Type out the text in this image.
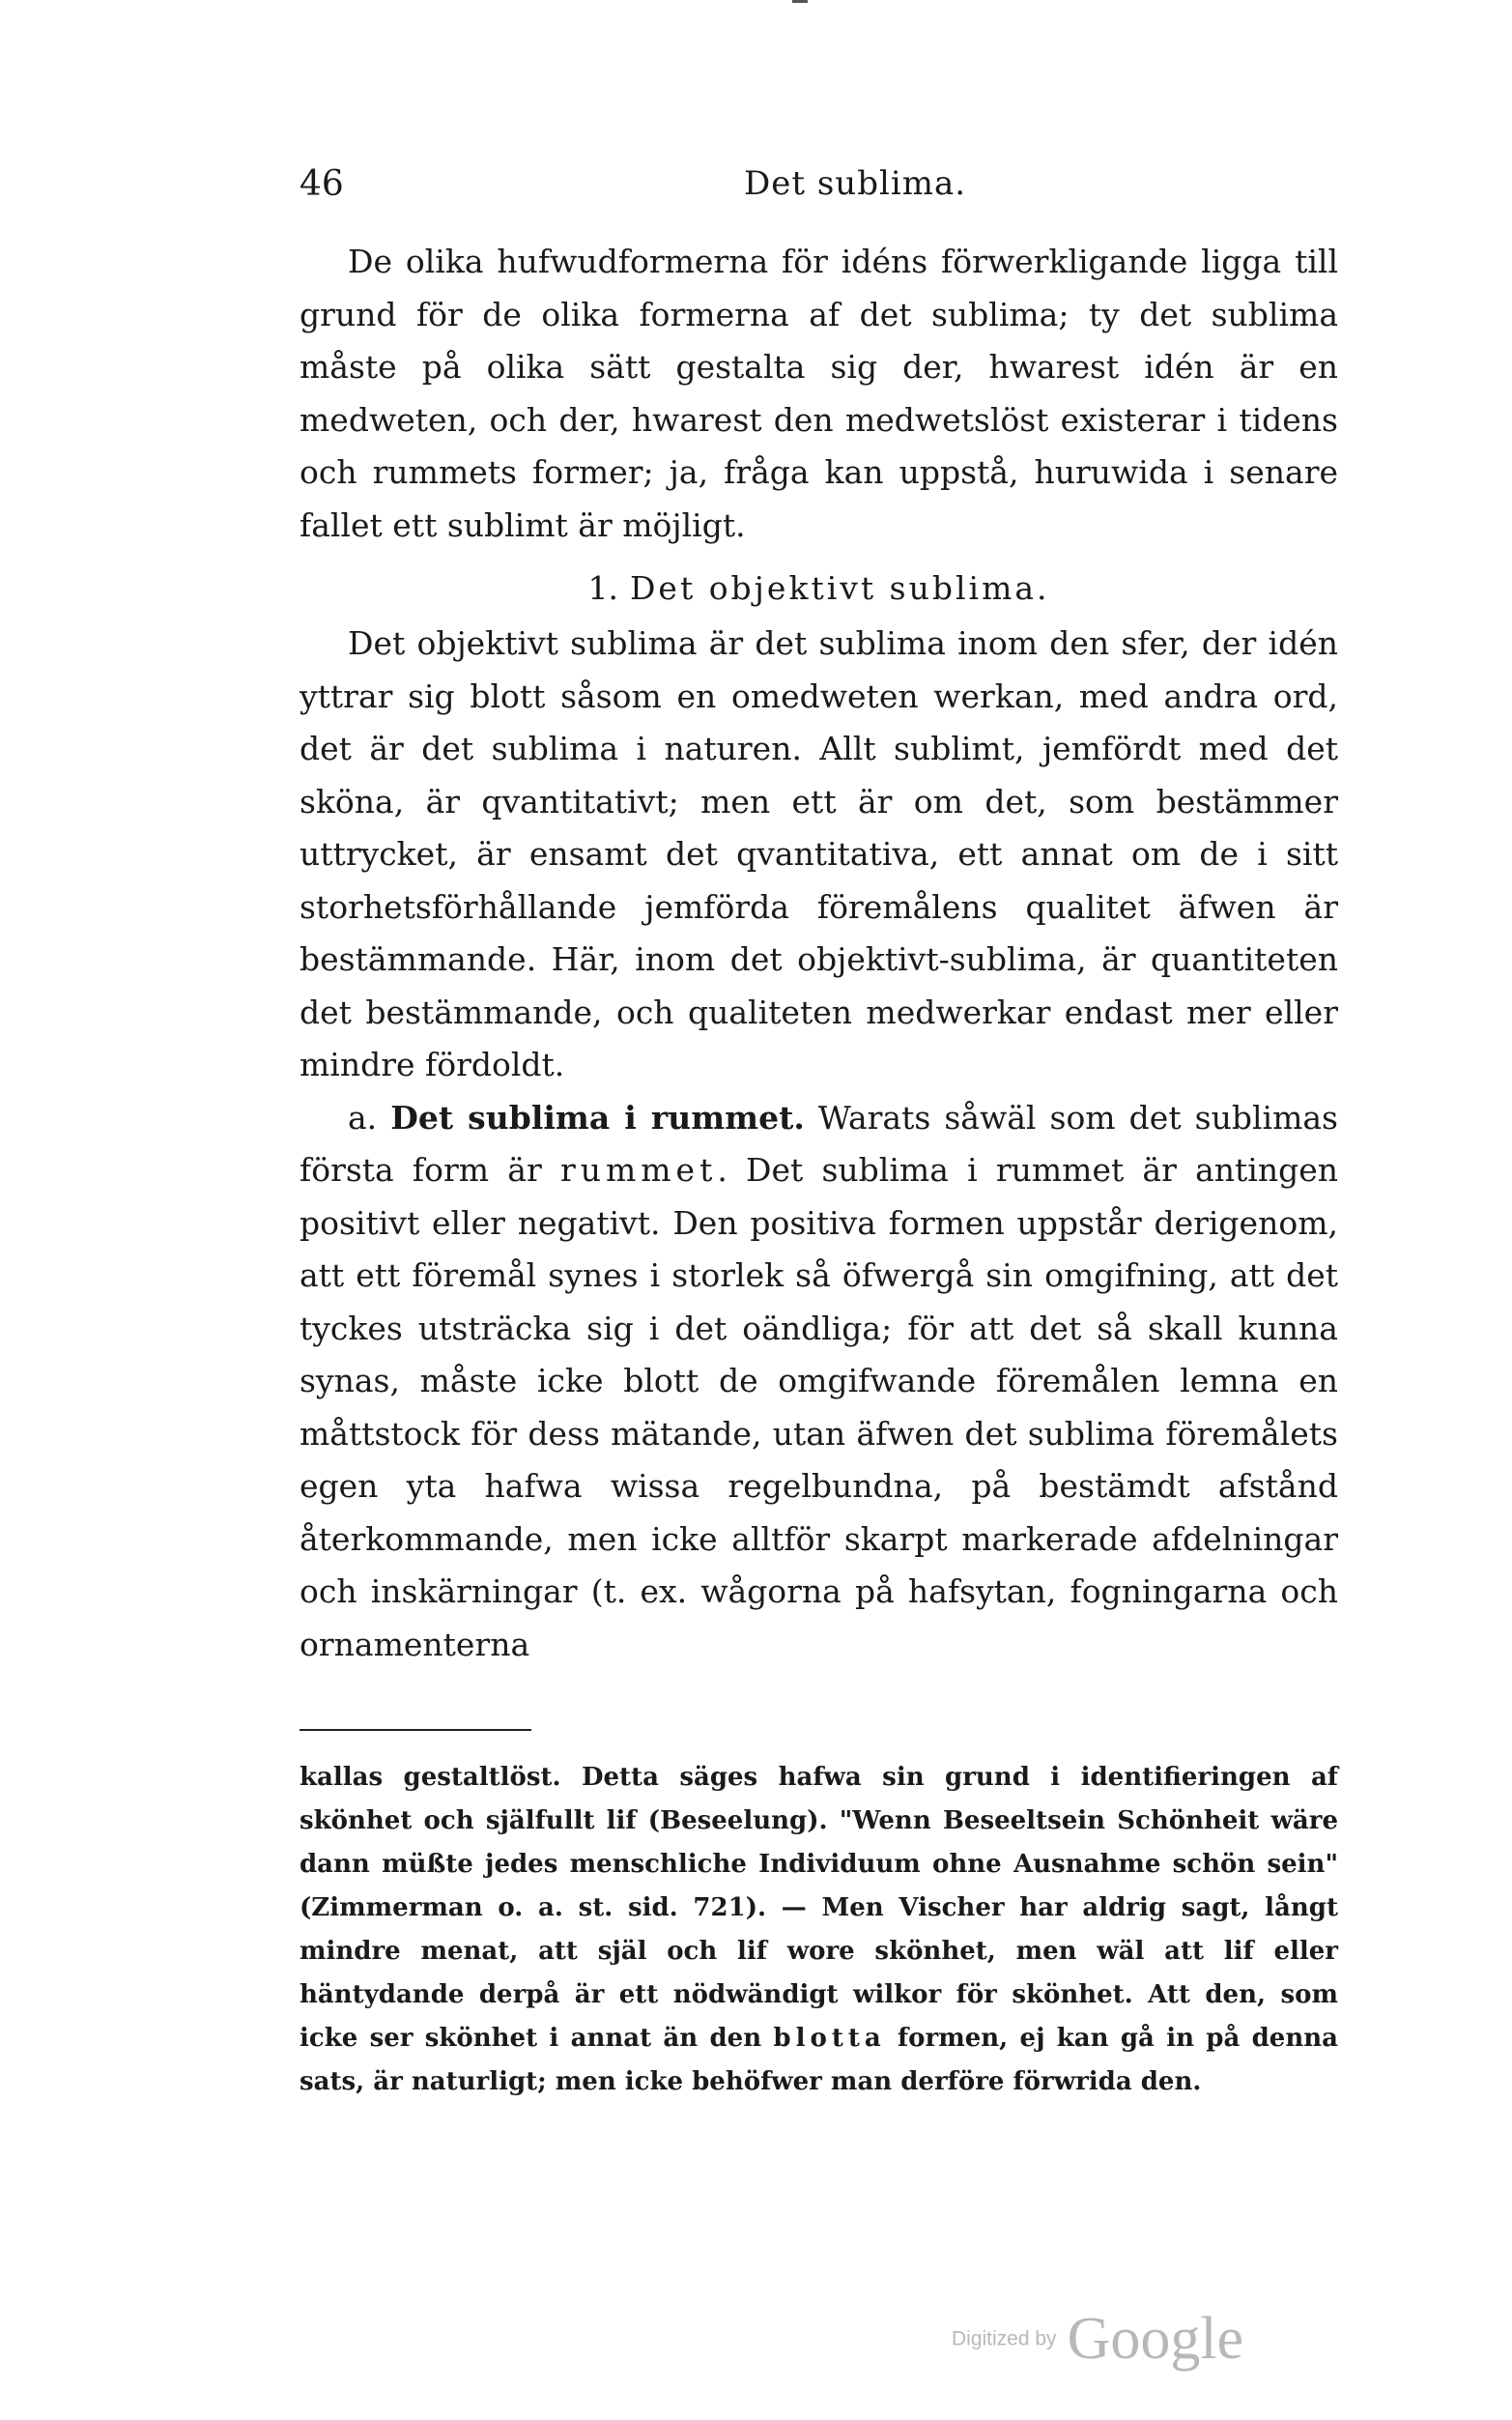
46	Det sublima.

De olika hufwudformerna för idéns förwerkligande ligga till grund för de olika formerna af det sublima; ty det sublima måste på olika sätt gestalta sig der, hwarest idén är en medweten, och der, hwarest den medwetslöst existerar i tidens och rummets former; ja, fråga kan uppstå, huruwida i senare fallet ett sublimt är möjligt.

1. Det objektivt sublima.

Det objektivt sublima är det sublima inom den sfer, der idén yttrar sig blott såsom en omedweten werkan, med andra ord, det är det sublima i naturen. Allt sublimt, jemfördt med det sköna, är qvantitativt; men ett är om det, som bestämmer uttrycket, är ensamt det qvantitativa, ett annat om de i sitt storhetsförhållande jemförda föremålens qualitet äfwen är bestämmande. Här, inom det objektivt-sublima, är quantiteten det bestämmande, och qualiteten medwerkar endast mer eller mindre fördoldt.

a. Det sublima i rummet. Warats såwäl som det sublimas första form är rummet. Det sublima i rummet är antingen positivt eller negativt. Den positiva formen uppstår derigenom, att ett föremål synes i storlek så öfwergå sin omgifning, att det tyckes utsträcka sig i det oändliga; för att det så skall kunna synas, måste icke blott de omgifwande föremålen lemna en måttstock för dess mätande, utan äfwen det sublima föremålets egen yta hafwa wissa regelbundna, på bestämdt afstånd återkommande, men icke alltför skarpt markerade afdelningar och inskärningar (t. ex. wågorna på hafsytan, fogningarna och ornamenterna

kallas gestaltlöst. Detta säges hafwa sin grund i identifieringen af skönhet och själfullt lif (Beseelung). "Wenn Beseeltsein Schönheit wäre dann müßte jedes menschliche Individuum ohne Ausnahme schön sein" (Zimmerman o. a. st. sid. 721). — Men Vischer har aldrig sagt, långt mindre menat, att själ och lif wore skönhet, men wäl att lif eller häntydande derpå är ett nödwändigt wilkor för skönhet. Att den, som icke ser skönhet i annat än den blotta formen, ej kan gå in på denna sats, är naturligt; men icke behöfwer man derföre förwrida den.

Digitized by Google
